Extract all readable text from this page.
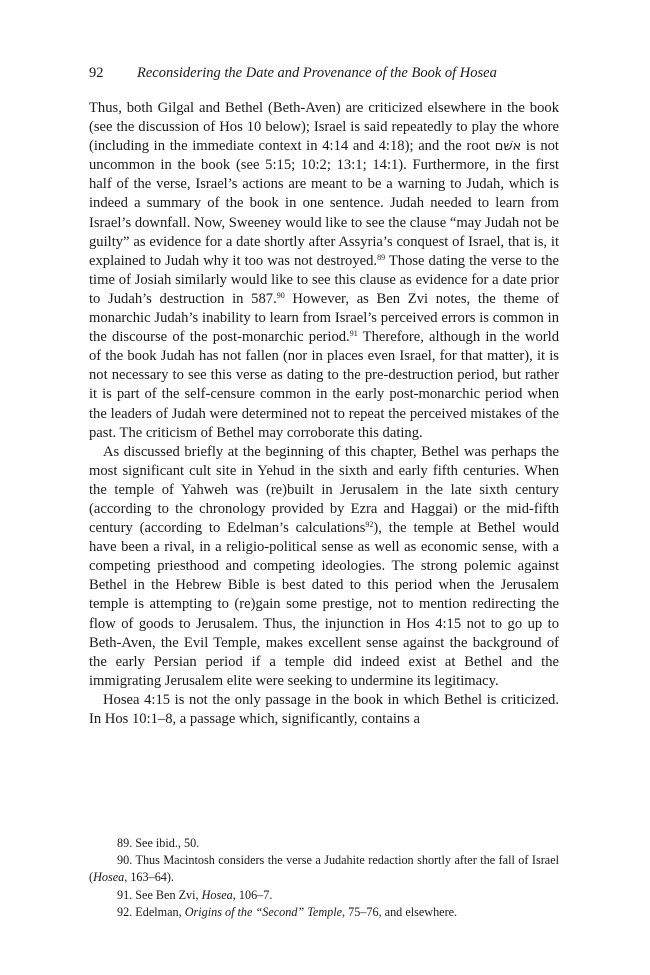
92 Reconsidering the Date and Provenance of the Book of Hosea

Thus, both Gilgal and Bethel (Beth-Aven) are criticized elsewhere in the book (see the discussion of Hos 10 below); Israel is said repeatedly to play the whore (including in the immediate context in 4:14 and 4:18); and the root אשׁם is not uncommon in the book (see 5:15; 10:2; 13:1; 14:1). Furthermore, in the first half of the verse, Israel’s actions are meant to be a warning to Judah, which is indeed a summary of the book in one sentence. Judah needed to learn from Israel’s downfall. Now, Sweeney would like to see the clause “may Judah not be guilty” as evidence for a date shortly after Assyria’s conquest of Israel, that is, it explained to Judah why it too was not destroyed.$^{89}$ Those dating the verse to the time of Josiah similarly would like to see this clause as evidence for a date prior to Judah’s destruction in 587.90 However, as Ben Zvi notes, the theme of monarchic Judah’s inability to learn from Israel’s perceived errors is common in the discourse of the post-monarchic period.$^{91}$ Therefore, although in the world of the book Judah has not fallen (nor in places even Israel, for that matter), it is not necessary to see this verse as dating to the pre-destruction period, but rather it is part of the self-censure common in the early post-monarchic period when the leaders of Judah were determined not to repeat the perceived mistakes of the past. The criticism of Bethel may corroborate this dating.

As discussed briefly at the beginning of this chapter, Bethel was perhaps the most significant cult site in Yehud in the sixth and early fifth centuries. When the temple of Yahweh was (re)built in Jerusalem in the late sixth century (according to the chronology provided by Ezra and Haggai) or the mid-fifth century (according to Edelman’s calculations$^{92}$), the temple at Bethel would have been a rival, in a religio-political sense as well as economic sense, with a competing priesthood and competing ideologies. The strong polemic against Bethel in the Hebrew Bible is best dated to this period when the Jerusalem temple is attempting to (re)gain some prestige, not to mention redirecting the flow of goods to Jerusalem. Thus, the injunction in Hos 4:15 not to go up to Beth-Aven, the Evil Temple, makes excellent sense against the background of the early Persian period if a temple did indeed exist at Bethel and the immigrating Jerusalem elite were seeking to undermine its legitimacy.

Hosea 4:15 is not the only passage in the book in which Bethel is criticized. In Hos 10:1–8, a passage which, significantly, contains a

89. See ibid., 50.

90. Thus Macintosh considers the verse a Judahite redaction shortly after the fall of Israel (Hosea, 163–64).

91. See Ben Zvi, Hosea, 106–7.

92. Edelman, Origins of the “Second” Temple, 75–76, and elsewhere.
